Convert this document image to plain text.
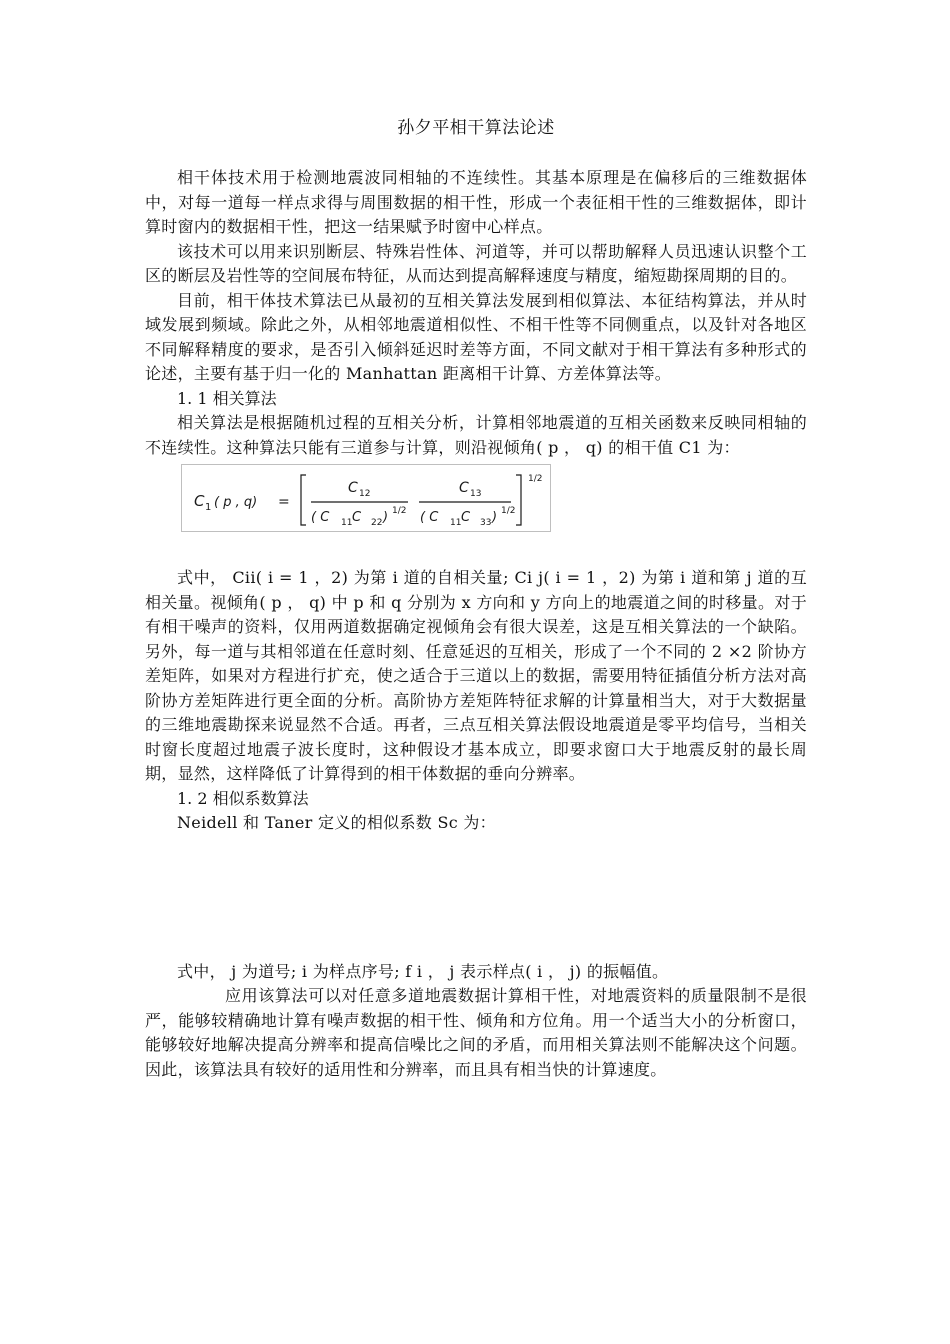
孙夕平相干算法论述

相干体技术用于检测地震波同相轴的不连续性。其基本原理是在偏移后的三维数据体中，对每一道每一样点求得与周围数据的相干性，形成一个表征相干性的三维数据体，即计算时窗内的数据相干性，把这一结果赋予时窗中心样点。

该技术可以用来识别断层、特殊岩性体、河道等，并可以帮助解释人员迅速认识整个工区的断层及岩性等的空间展布特征，从而达到提高解释速度与精度，缩短勘探周期的目的。

目前，相干体技术算法已从最初的互相关算法发展到相似算法、本征结构算法，并从时域发展到频域。除此之外，从相邻地震道相似性、不相干性等不同侧重点，以及针对各地区不同解释精度的要求，是否引入倾斜延迟时差等方面，不同文献对于相干算法有多种形式的论述，主要有基于归一化的 Manhattan 距离相干计算、方差体算法等。

1. 1 相关算法

相关算法是根据随机过程的互相关分析，计算相邻地震道的互相关函数来反映同相轴的不连续性。这种算法只能有三道参与计算，则沿视倾角( p ， q) 的相干值 C1 为：

C 1 ( p , q) =
C 12
( C 11 C 22 ) 1/2
C 13
( C 11 C 33 ) 1/2
1/2

式中， Cii( i = 1 ，2) 为第 i 道的自相关量; Ci j( i = 1 ，2) 为第 i 道和第 j 道的互相关量。视倾角( p ， q) 中 p 和 q 分别为 x 方向和 y 方向上的地震道之间的时移量。对于有相干噪声的资料，仅用两道数据确定视倾角会有很大误差，这是互相关算法的一个缺陷。另外，每一道与其相邻道在任意时刻、任意延迟的互相关，形成了一个不同的 2 ×2 阶协方差矩阵，如果对方程进行扩充，使之适合于三道以上的数据，需要用特征插值分析方法对高阶协方差矩阵进行更全面的分析。高阶协方差矩阵特征求解的计算量相当大，对于大数据量的三维地震勘探来说显然不合适。再者，三点互相关算法假设地震道是零平均信号，当相关时窗长度超过地震子波长度时，这种假设才基本成立，即要求窗口大于地震反射的最长周期，显然，这样降低了计算得到的相干体数据的垂向分辨率。

1. 2 相似系数算法

Neidell 和 Taner 定义的相似系数 Sc 为：

式中， j 为道号; i 为样点序号; f i ， j 表示样点( i ， j) 的振幅值。

应用该算法可以对任意多道地震数据计算相干性，对地震资料的质量限制不是很严，能够较精确地计算有噪声数据的相干性、倾角和方位角。用一个适当大小的分析窗口，能够较好地解决提高分辨率和提高信噪比之间的矛盾，而用相关算法则不能解决这个问题。因此，该算法具有较好的适用性和分辨率，而且具有相当快的计算速度。
